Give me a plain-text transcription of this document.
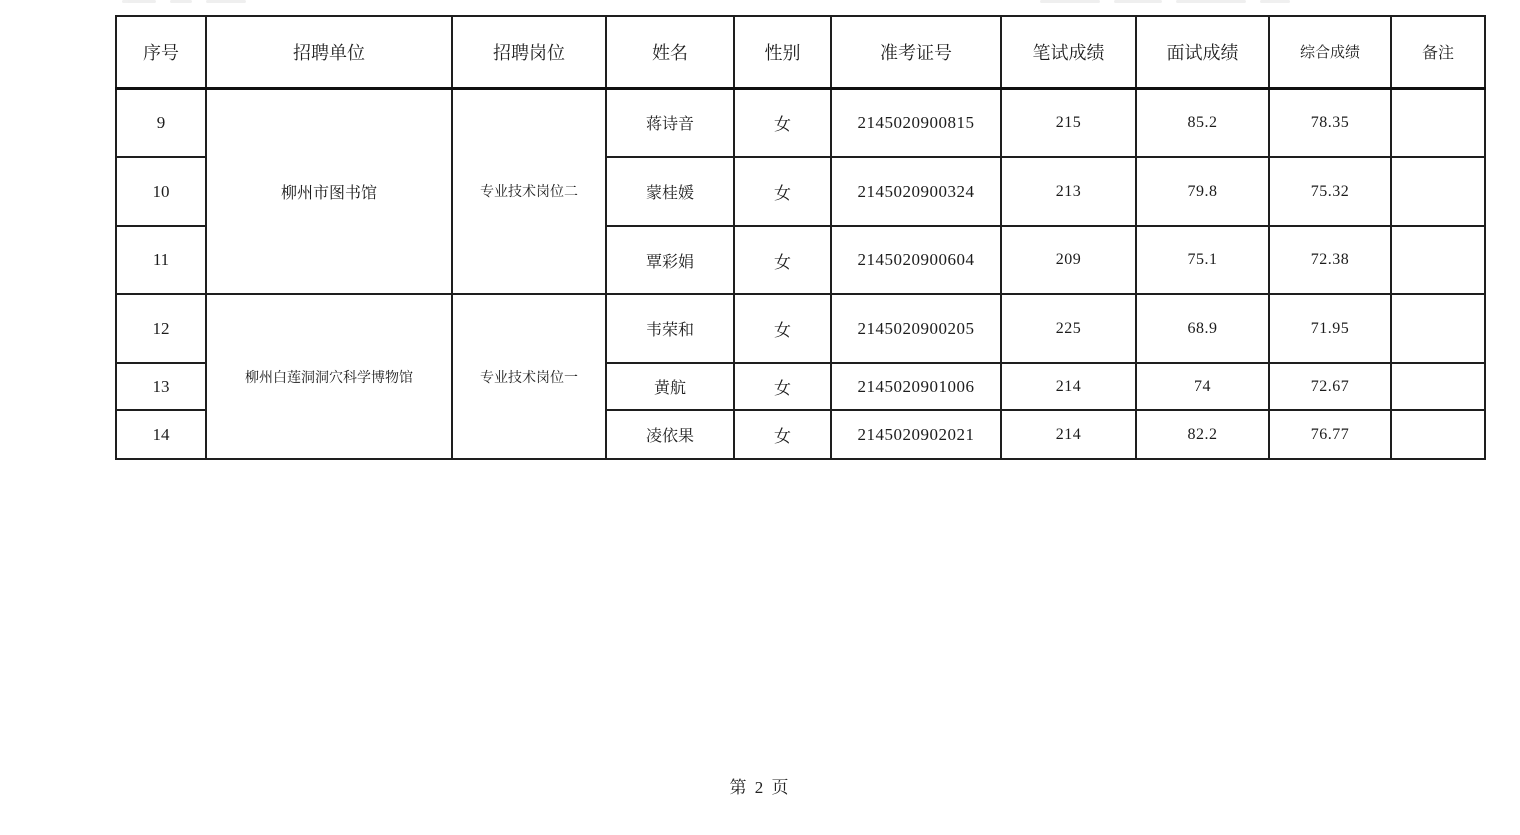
序号	招聘单位	招聘岗位	姓名	性别	准考证号	笔试成绩	面试成绩	综合成绩	备注
9	柳州市图书馆	专业技术岗位二	蒋诗音	女	2145020900815	215	85.2	78.35	
10			蒙桂媛	女	2145020900324	213	79.8	75.32	
11			覃彩娟	女	2145020900604	209	75.1	72.38	
12	柳州白莲洞洞穴科学博物馆	专业技术岗位一	韦荣和	女	2145020900205	225	68.9	71.95	
13			黄航	女	2145020901006	214	74	72.67	
14			凌依果	女	2145020902021	214	82.2	76.77	
第 2 页
